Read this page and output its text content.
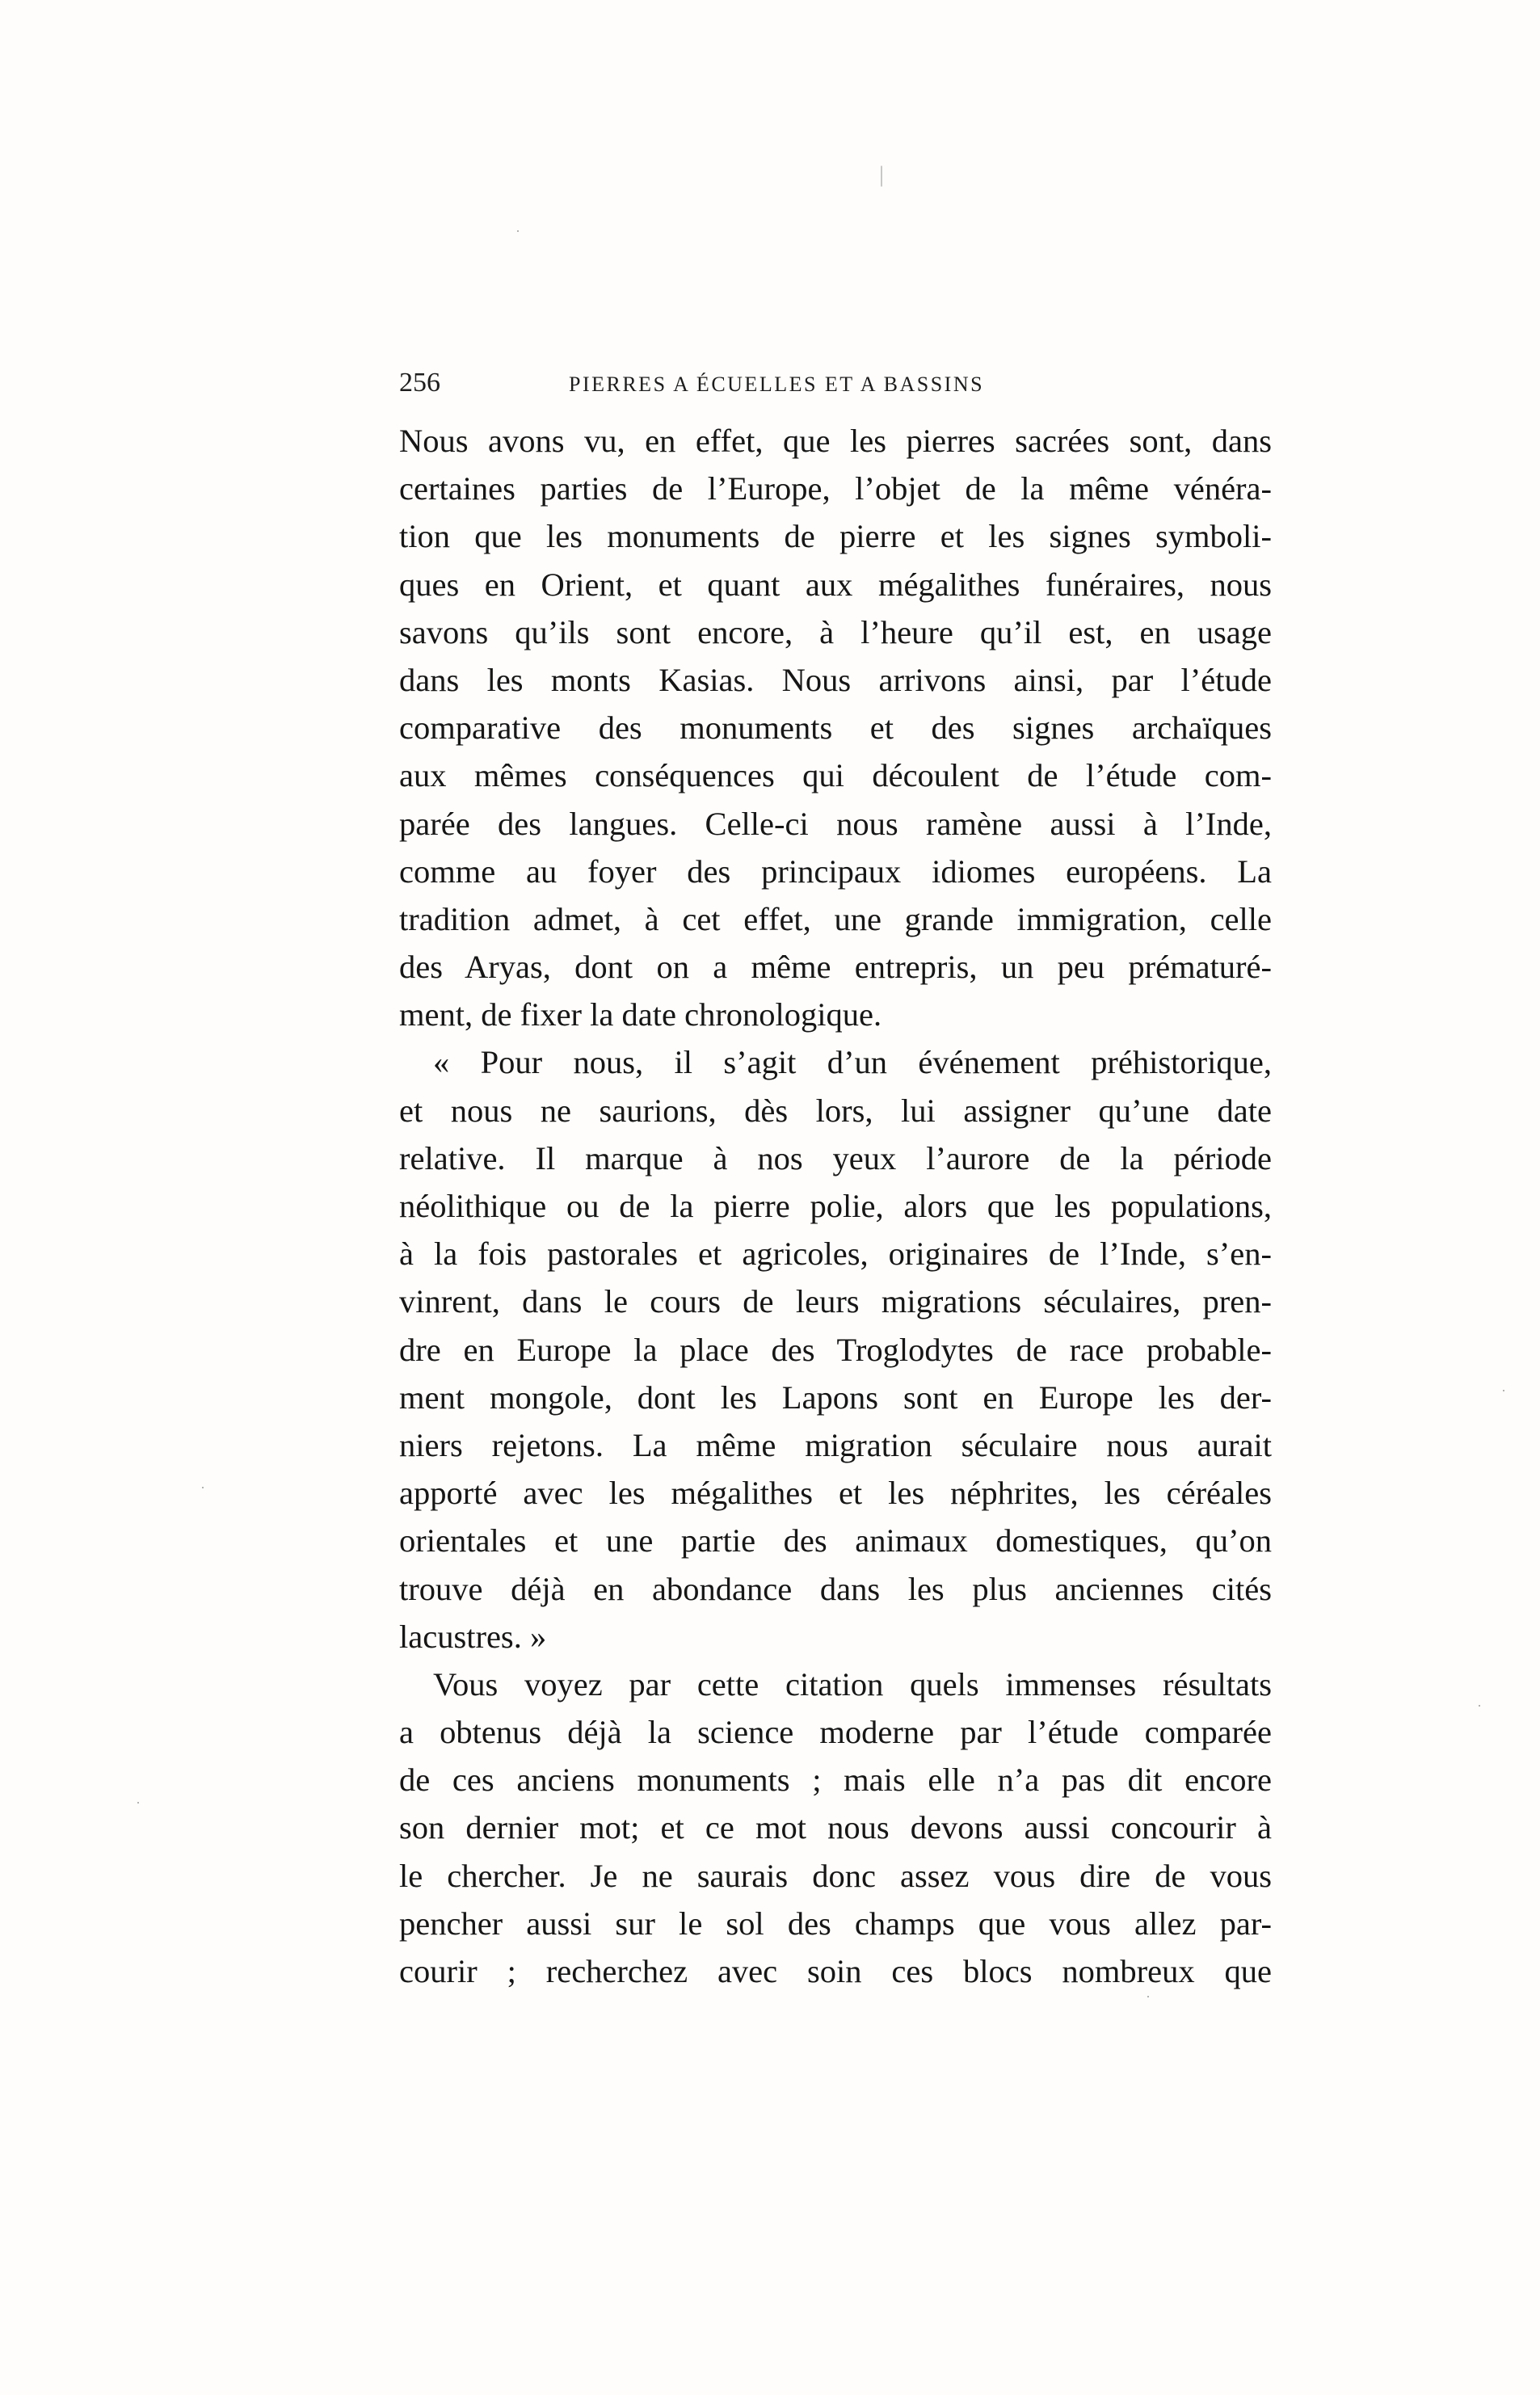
256	PIERRES A ÉCUELLES ET A BASSINS
Nous avons vu, en effet, que les pierres sacrées sont, dans
certaines parties de l’Europe, l’objet de la même vénéra-
tion que les monuments de pierre et les signes symboli-
ques en Orient, et quant aux mégalithes funéraires, nous
savons qu’ils sont encore, à l’heure qu’il est, en usage
dans les monts Kasias. Nous arrivons ainsi, par l’étude
comparative des monuments et des signes archaïques
aux mêmes conséquences qui découlent de l’étude com-
parée des langues. Celle-ci nous ramène aussi à l’Inde,
comme au foyer des principaux idiomes européens. La
tradition admet, à cet effet, une grande immigration, celle
des Aryas, dont on a même entrepris, un peu prématuré-
ment, de fixer la date chronologique.
« Pour nous, il s’agit d’un événement préhistorique,
et nous ne saurions, dès lors, lui assigner qu’une date
relative. Il marque à nos yeux l’aurore de la période
néolithique ou de la pierre polie, alors que les populations,
à la fois pastorales et agricoles, originaires de l’Inde, s’en-
vinrent, dans le cours de leurs migrations séculaires, pren-
dre en Europe la place des Troglodytes de race probable-
ment mongole, dont les Lapons sont en Europe les der-
niers rejetons. La même migration séculaire nous aurait
apporté avec les mégalithes et les néphrites, les céréales
orientales et une partie des animaux domestiques, qu’on
trouve déjà en abondance dans les plus anciennes cités
lacustres. »
Vous voyez par cette citation quels immenses résultats
a obtenus déjà la science moderne par l’étude comparée
de ces anciens monuments ; mais elle n’a pas dit encore
son dernier mot; et ce mot nous devons aussi concourir à
le chercher. Je ne saurais donc assez vous dire de vous
pencher aussi sur le sol des champs que vous allez par-
courir ; recherchez avec soin ces blocs nombreux que
